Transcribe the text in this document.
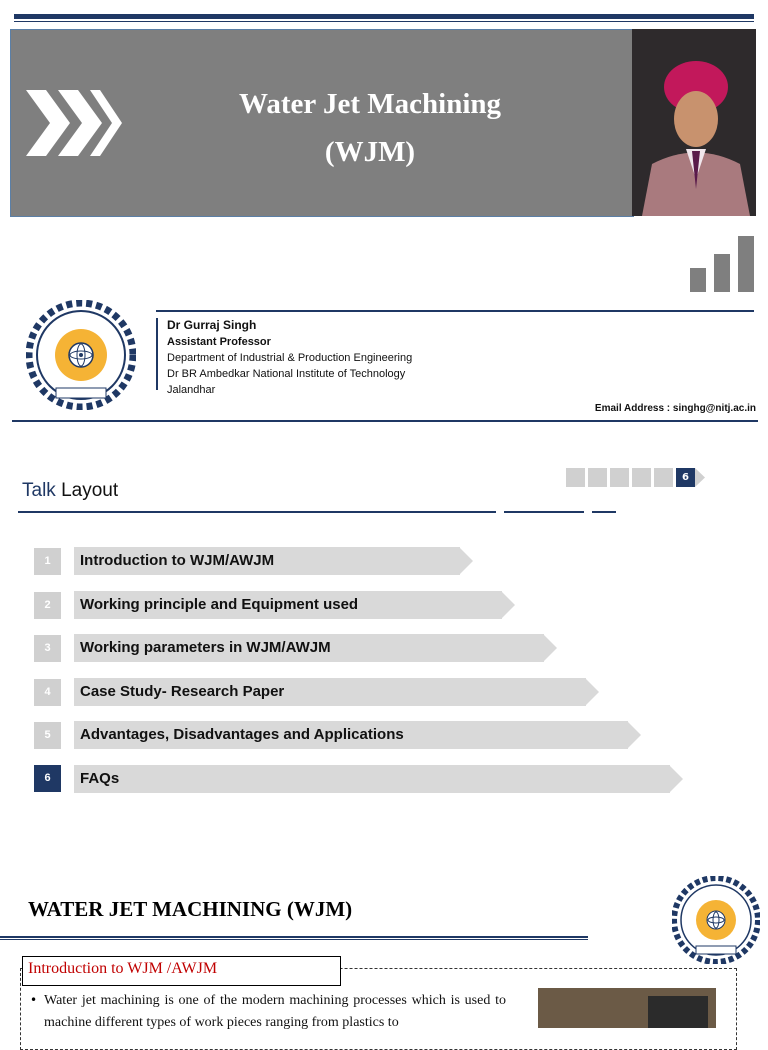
Water Jet Machining
(WJM)
Dr Gurraj Singh
Assistant Professor
Department of Industrial & Production Engineering
Dr BR Ambedkar National Institute of Technology
Jalandhar
Email Address : singhg@nitj.ac.in
Talk Layout
6
1	Introduction to WJM/AWJM
2	Working principle and Equipment used
3	Working parameters in WJM/AWJM
4	Case Study- Research Paper
5	Advantages, Disadvantages and Applications
6	FAQs
WATER JET MACHINING (WJM)
Introduction to WJM /AWJM
• Water jet machining is one of the modern machining processes which is used to machine different types of work pieces ranging from plastics to
